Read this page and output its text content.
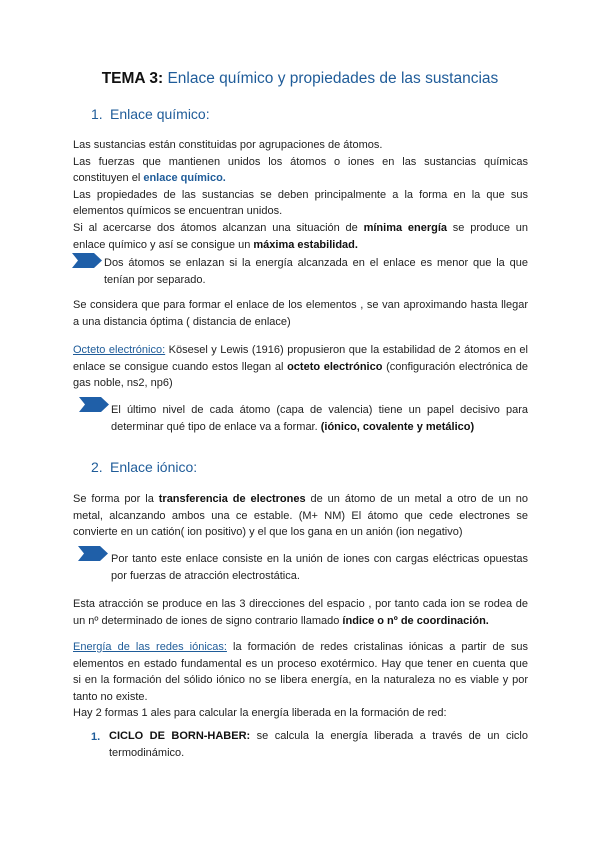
TEMA 3: Enlace químico y propiedades de las sustancias
1. Enlace químico:
Las sustancias están constituidas por agrupaciones de átomos.
Las fuerzas que mantienen unidos los átomos o iones en las sustancias químicas
constituyen el enlace químico.
Las propiedades de las sustancias se deben principalmente a la forma en la que sus
elementos químicos se encuentran unidos.
Si al acercarse dos átomos alcanzan una situación de mínima energía se produce un
enlace químico y así se consigue un máxima estabilidad.
Dos átomos se enlazan si la energía alcanzada en el enlace es menor que la que
tenían por separado.
Se considera que para formar el enlace de los elementos , se van aproximando hasta llegar
a una distancia óptima ( distancia de enlace)
Octeto electrónico: Kösesel y Lewis (1916) propusieron que la estabilidad de 2 átomos en el
enlace se consigue cuando estos llegan al octeto electrónico (configuración electrónica de
gas noble, ns2, np6)
El último nivel de cada átomo (capa de valencia) tiene un papel decisivo para
determinar qué tipo de enlace va a formar. (iónico, covalente y metálico)
2. Enlace iónico:
Se forma por la transferencia de electrones de un átomo de un metal a otro de un no
metal, alcanzando ambos una ce estable. (M+ NM) El átomo que cede electrones se
convierte en un catión( ion positivo) y el que los gana en un anión (ion negativo)
Por tanto este enlace consiste en la unión de iones con cargas eléctricas opuestas
por fuerzas de atracción electrostática.
Esta atracción se produce en las 3 direcciones del espacio , por tanto cada ion se rodea de
un nº determinado de iones de signo contrario llamado índice o nº de coordinación.
Energía de las redes iónicas: la formación de redes cristalinas iónicas a partir de sus
elementos en estado fundamental es un proceso exotérmico. Hay que tener en cuenta que
si en la formación del sólido iónico no se libera energía, en la naturaleza no es viable y por
tanto no existe.
Hay 2 formas 1 ales para calcular la energía liberada en la formación de red:
1. CICLO DE BORN-HABER: se calcula la energía liberada a través de un ciclo
termodinámico.
